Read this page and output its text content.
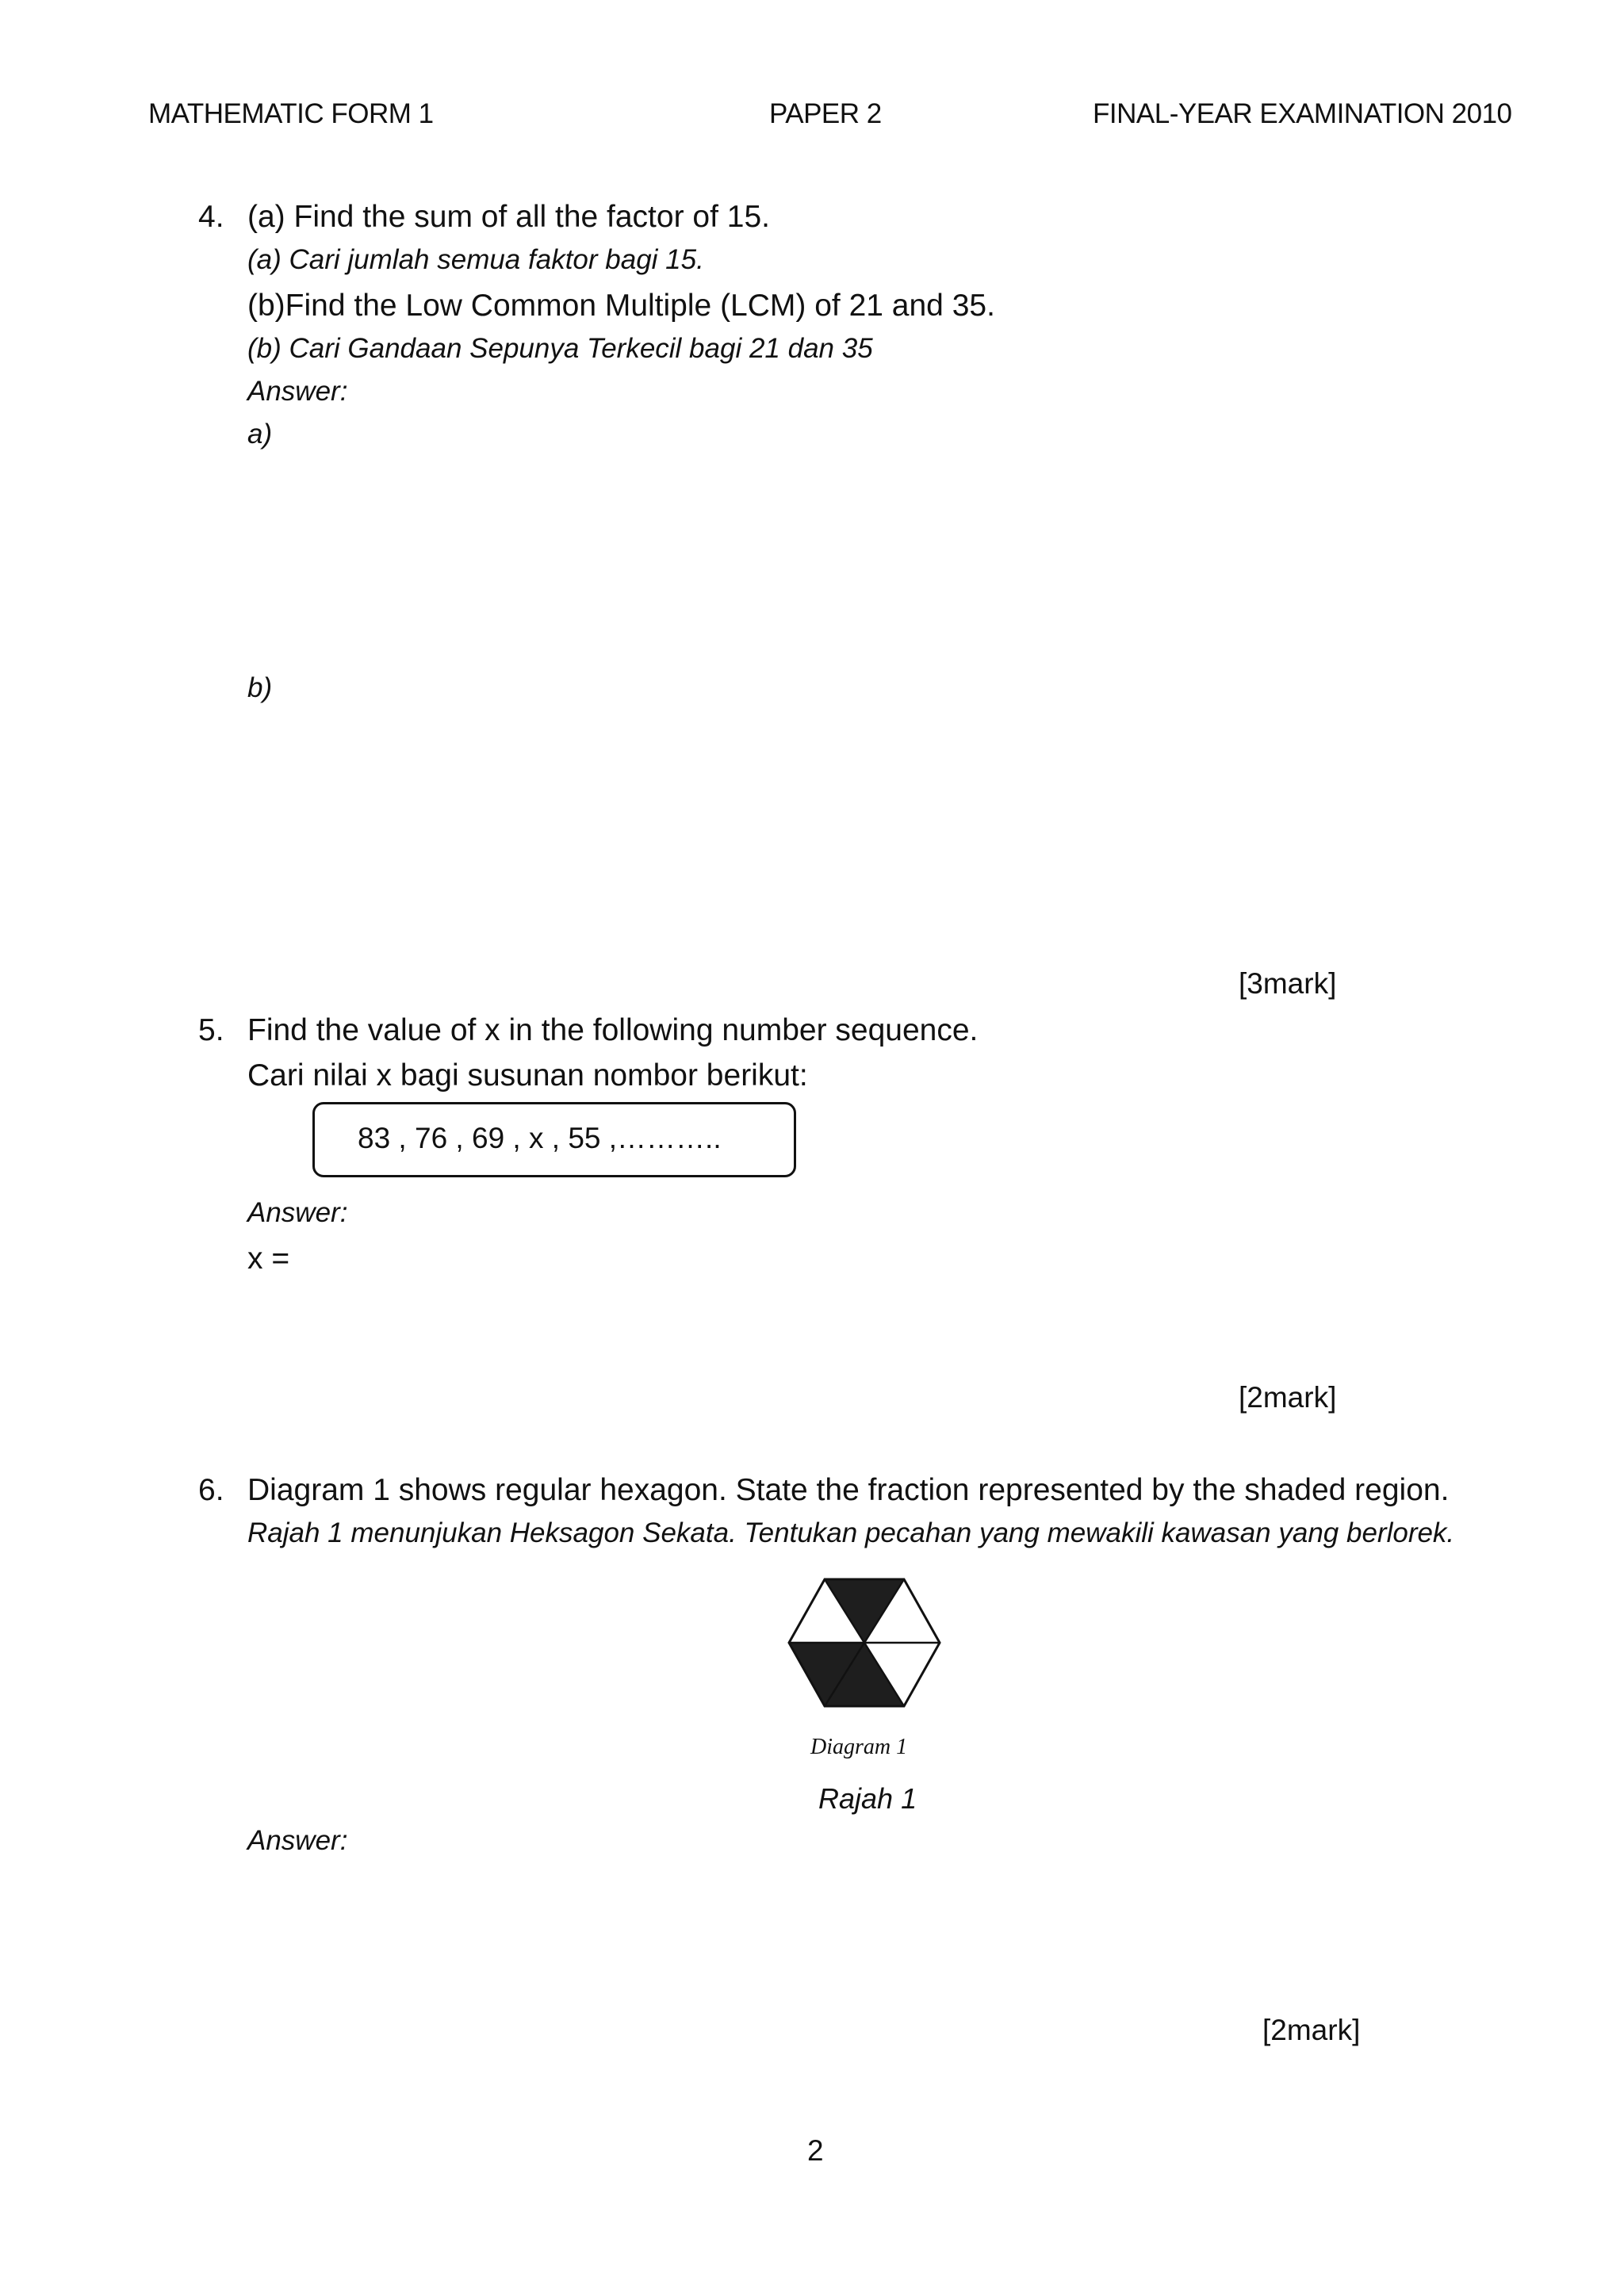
MATHEMATIC FORM 1	PAPER 2	FINAL-YEAR EXAMINATION 2010
4. (a) Find the sum of all the factor of 15.
(a) Cari jumlah semua faktor bagi 15.
(b)Find the Low Common Multiple (LCM) of 21 and 35.
(b) Cari Gandaan Sepunya Terkecil bagi 21 dan 35
Answer:
a)
b)
[3mark]
5. Find the value of x in the following number sequence.
Cari nilai x bagi susunan nombor berikut:
83 , 76 , 69 , x , 55 ,………..
Answer:
x =
[2mark]
6. Diagram 1 shows regular hexagon. State the fraction represented by the shaded region.
Rajah 1 menunjukan Heksagon Sekata. Tentukan pecahan yang mewakili kawasan yang berlorek.
Diagram 1
Rajah 1
Answer:
[2mark]
2
